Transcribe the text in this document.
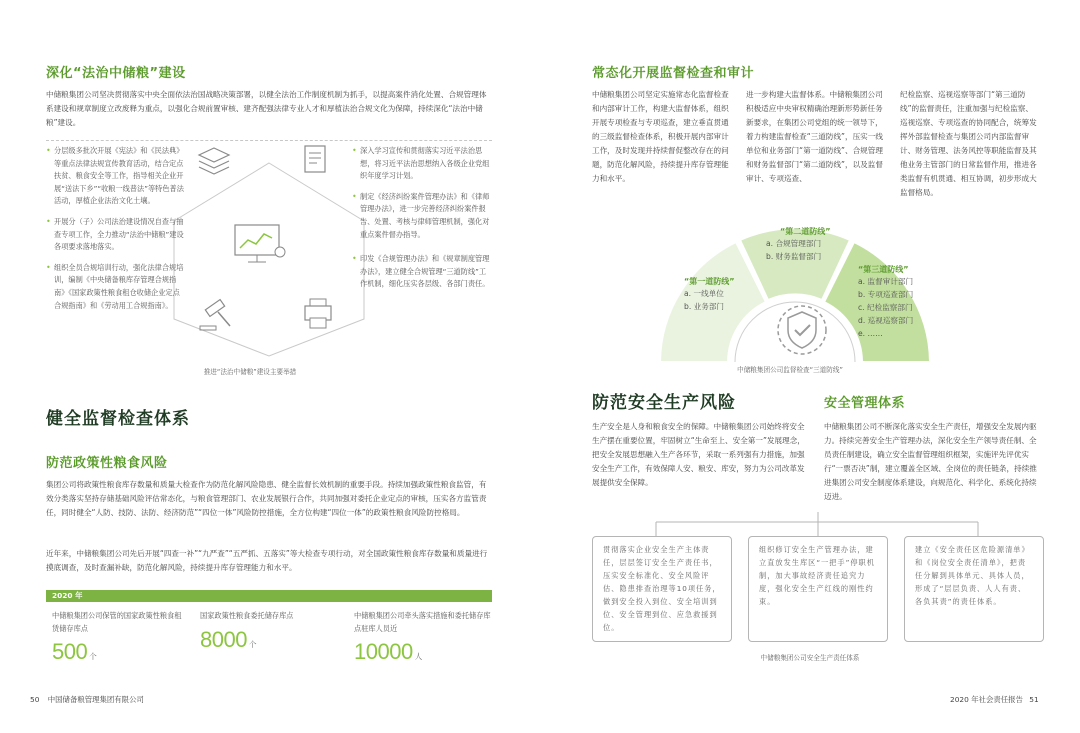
深化“法治中储粮”建设
中储粮集团公司坚决贯彻落实中央全面依法治国战略决策部署，以健全法治工作制度机制为抓手，以提高案件消化处置、合规管理体系建设和规章制度立改废释为重点，以强化合规前置审核、建齐配强法律专业人才和厚植法治合规文化为保障，持续深化“法治中储粮”建设。
• 分层级多批次开展《宪法》和《民法典》等重点法律法规宣传教育活动，结合定点扶贫、粮食安全等工作，指导相关企业开展“送法下乡”“收粮一线普法”等特色普法活动，厚植企业法治文化土壤。
• 开展分（子）公司法治建设情况自查与抽查专项工作，全力推动“法治中储粮”建设各项要求落地落实。
• 组织全员合规培训行动，强化法律合规培训，编制《中央储备粮库存管理合规指南》《国家政策性粮食租仓收储企业定点合规指南》和《劳动用工合规指南》。
• 深入学习宣传和贯彻落实习近平法治思想，将习近平法治思想纳入各级企业党组织年度学习计划。
• 制定《经济纠纷案件管理办法》和《律师管理办法》，进一步完善经济纠纷案件报告、处置、考核与律师管理机制，强化对重点案件督办指导。
• 印发《合规管理办法》和《规章制度管理办法》，建立健全合规管理“三道防线”工作机制，细化压实各层级、各部门责任。
推进“法治中储粮”建设主要举措
健全监督检查体系
防范政策性粮食风险
集团公司将政策性粮食库存数量和质量大检查作为防范化解风险隐患、健全监督长效机制的重要手段。持续加强政策性粮食监管，有效分类落实坚持存储基础风险评估常态化，与粮食管理部门、农业发展银行合作，共同加强对委托企业定点的审核，压实各方监管责任，同时健全“人防、技防、法防、经济防范”“四位一体”风险防控措施，全方位构建“四位一体”的政策性粮食风险防控格局。
近年来，中储粮集团公司先后开展“四查一补”“九严查”“五严抓、五落实”等大检查专项行动，对全国政策性粮食库存数量和质量进行摸底调查，及时查漏补缺，防范化解风险，持续提升库存管理能力和水平。
2020 年
中储粮集团公司保管的国家政策性粮食租赁储存库点
500 个
国家政策性粮食委托储存库点
8000 个
中储粮集团公司牵头落实措施和委托储存库点驻库人员近
10000 人
50 中国储备粮管理集团有限公司
常态化开展监督检查和审计
中储粮集团公司坚定实施常态化监督检查和内部审计工作，构建大监督体系，组织开展专项检查与专项巡查，建立垂直贯通的三级监督检查体系，积极开展内部审计工作，及时发现并持续督促整改存在的问题，防范化解风险，持续提升库存管理能力和水平。
进一步构建大监督体系。中储粮集团公司积极适应中央审权精确治理新形势新任务新要求，在集团公司党组的统一领导下，着力构建监督检查“三道防线”，压实一线单位和业务部门“第一道防线”、合规管理和财务监督部门“第二道防线”，以及监督审计、专项巡查、
纪检监察、巡视巡察等部门“第三道防线”的监督责任，注重加强与纪检监察、巡视巡察、专项巡查的协同配合，统筹发挥外部监督检查与集团公司内部监督审计、财务管理、法务风控等职能监督及其他业务主管部门的日常监督作用，推进各类监督有机贯通、相互协调，初步形成大监督格局。
“第一道防线”
a. 一线单位
b. 业务部门
“第二道防线”
a. 合规管理部门
b. 财务监督部门
“第三道防线”
a. 监督审计部门
b. 专项巡查部门
c. 纪检监察部门
d. 巡视巡察部门
e. ……
中储粮集团公司监督检查“三道防线”
防范安全生产风险
生产安全是人身和粮食安全的保障。中储粮集团公司始终将安全生产摆在重要位置，牢固树立“生命至上、安全第一”发展理念，把安全发展思想融入生产各环节，采取一系列强有力措施，加强安全生产工作，有效保障人安、粮安、库安，努力为公司改革发展提供安全保障。
安全管理体系
中储粮集团公司不断深化落实安全生产责任，增强安全发展内驱力。持续完善安全生产管理办法，深化安全生产领导责任制、全员责任制建设，确立安全监督管理组织框架，实施评先评优实行“一票否决”制，建立覆盖全区域、全岗位的责任链条，持续推进集团公司安全制度体系建设，向规范化、科学化、系统化持续迈进。
贯彻落实企业安全生产主体责任，层层签订安全生产责任书，压实安全标准化、安全风险评估、隐患排查治理等10项任务，做到安全投入到位、安全培训到位、安全管理到位、应急救援到位。
组织修订安全生产管理办法，建立直放发生库区“一把手”停职机制，加大事故经济责任追究力度，强化安全生产红线的刚性约束。
建立《安全责任区危险源清单》和《岗位安全责任清单》，把责任分解到具体单元、具体人员，形成了“层层负责、人人有责、各负其责”的责任体系。
中储粮集团公司安全生产责任体系
2020 年社会责任报告 51
